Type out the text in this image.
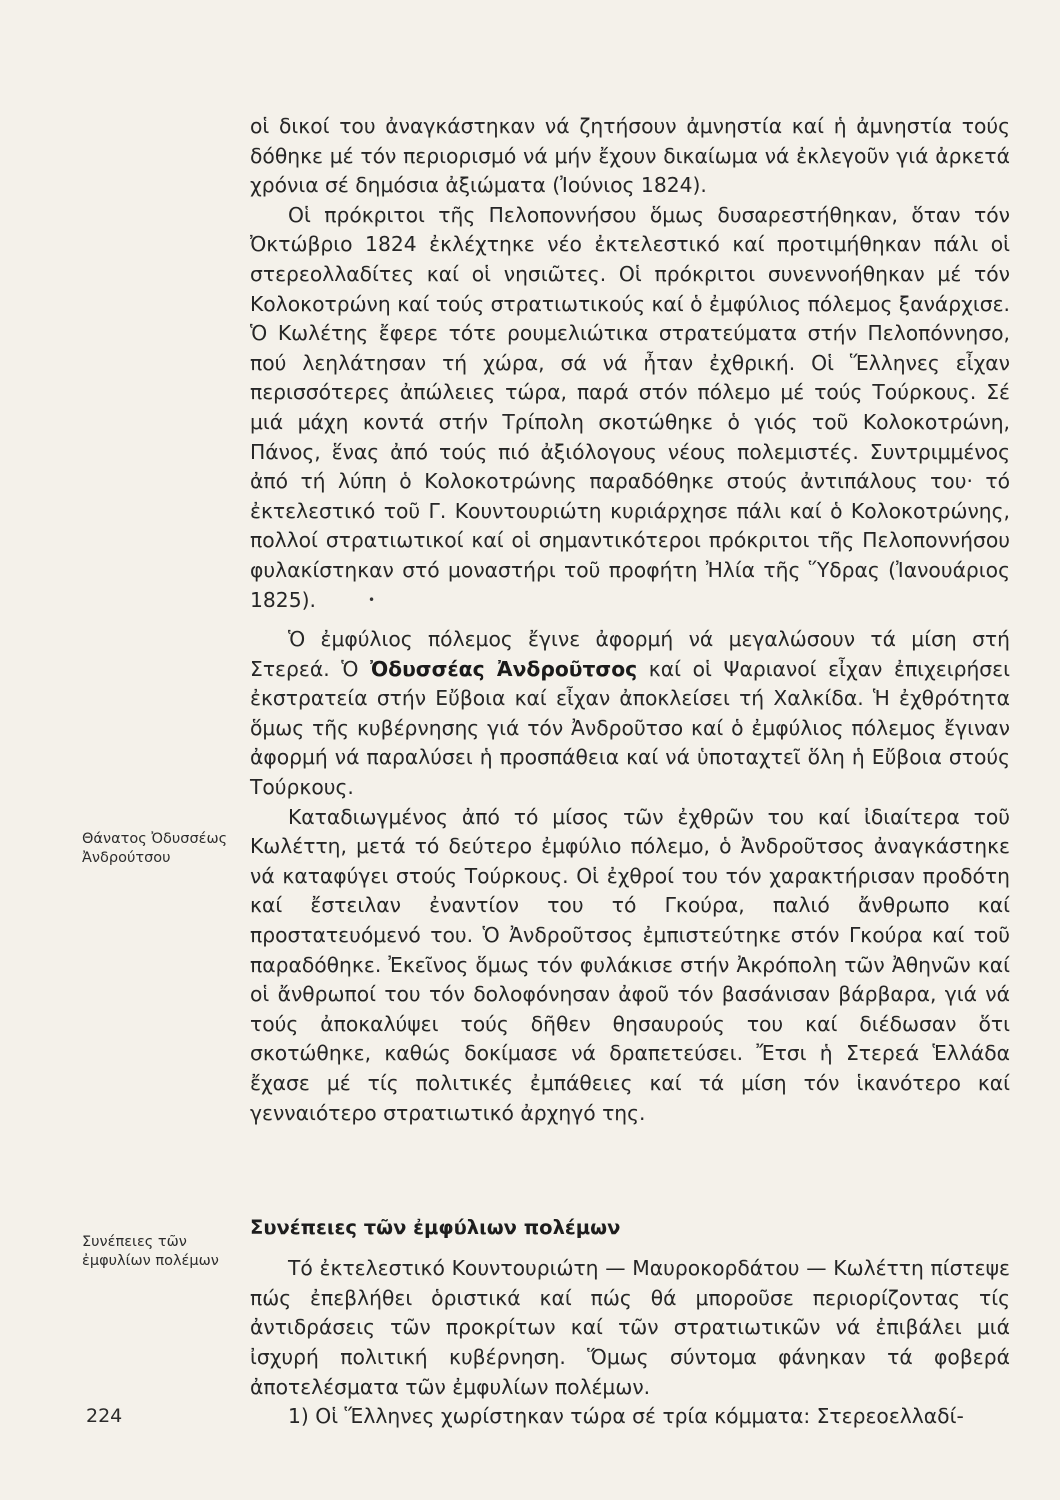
Θάνατος Ὀδυσσέως
Ἀνδρούτσου

Συνέπειες τῶν
ἐμφυλίων πολέμων

224

οἱ δικοί του ἀναγκάστηκαν νά ζητήσουν ἀμνηστία καί ἡ ἀμνηστία τούς δόθηκε μέ τόν περιορισμό νά μήν ἔχουν δικαίωμα νά ἐκλεγοῦν γιά ἀρκετά χρόνια σέ δημόσια ἀξιώματα (Ἰούνιος 1824).

Οἱ πρόκριτοι τῆς Πελοποννήσου ὅμως δυσαρεστήθηκαν, ὅταν τόν Ὀκτώβριο 1824 ἐκλέχτηκε νέο ἐκτελεστικό καί προτιμήθηκαν πάλι οἱ στερεολλαδίτες καί οἱ νησιῶτες. Οἱ πρόκριτοι συνεννοήθηκαν μέ τόν Κολοκοτρώνη καί τούς στρατιωτικούς καί ὁ ἐμφύλιος πόλεμος ξανάρχισε. Ὁ Κωλέτης ἔφερε τότε ρουμελιώτικα στρατεύματα στήν Πελοπόννησο, πού λεηλάτησαν τή χώρα, σά νά ἦταν ἐχθρική. Οἱ Ἕλληνες εἶχαν περισσότερες ἀπώλειες τώρα, παρά στόν πόλεμο μέ τούς Τούρκους. Σέ μιά μάχη κοντά στήν Τρίπολη σκοτώθηκε ὁ γιός τοῦ Κολοκοτρώνη, Πάνος, ἕνας ἀπό τούς πιό ἀξιόλογους νέους πολεμιστές. Συντριμμένος ἀπό τή λύπη ὁ Κολοκοτρώνης παραδόθηκε στούς ἀντιπάλους του· τό ἐκτελεστικό τοῦ Γ. Κουντουριώτη κυριάρχησε πάλι καί ὁ Κολοκοτρώνης, πολλοί στρατιωτικοί καί οἱ σημαντικότεροι πρόκριτοι τῆς Πελοποννήσου φυλακίστηκαν στό μοναστήρι τοῦ προφήτη Ἠλία τῆς Ὕδρας (Ἰανουάριος 1825).	•

Ὁ ἐμφύλιος πόλεμος ἔγινε ἀφορμή νά μεγαλώσουν τά μίση στή Στερεά. Ὁ Ὀδυσσέας Ἀνδροῦτσος καί οἱ Ψαριανοί εἶχαν ἐπιχειρήσει ἐκστρατεία στήν Εὔβοια καί εἶχαν ἀποκλείσει τή Χαλκίδα. Ἡ ἐχθρότητα ὅμως τῆς κυβέρνησης γιά τόν Ἀνδροῦτσο καί ὁ ἐμφύλιος πόλεμος ἔγιναν ἀφορμή νά παραλύσει ἡ προσπάθεια καί νά ὑποταχτεῖ ὅλη ἡ Εὔβοια στούς Τούρκους.

Καταδιωγμένος ἀπό τό μίσος τῶν ἐχθρῶν του καί ἰδιαίτερα τοῦ Κωλέττη, μετά τό δεύτερο ἐμφύλιο πόλεμο, ὁ Ἀνδροῦτσος ἀναγκάστηκε νά καταφύγει στούς Τούρκους. Οἱ ἐχθροί του τόν χαρακτήρισαν προδότη καί ἔστειλαν ἐναντίον του τό Γκούρα, παλιό ἄνθρωπο καί προστατευόμενό του. Ὁ Ἀνδροῦτσος ἐμπιστεύτηκε στόν Γκούρα καί τοῦ παραδόθηκε. Ἐκεῖνος ὅμως τόν φυλάκισε στήν Ἀκρόπολη τῶν Ἀθηνῶν καί οἱ ἄνθρωποί του τόν δολοφόνησαν ἀφοῦ τόν βασάνισαν βάρβαρα, γιά νά τούς ἀποκαλύψει τούς δῆθεν θησαυρούς του καί διέδωσαν ὅτι σκοτώθηκε, καθώς δοκίμασε νά δραπετεύσει. Ἔτσι ἡ Στερεά Ἑλλάδα ἔχασε μέ τίς πολιτικές ἐμπάθειες καί τά μίση τόν ἱκανότερο καί γενναιότερο στρατιωτικό ἀρχηγό της.

Συνέπειες τῶν ἐμφύλιων πολέμων

Τό ἐκτελεστικό Κουντουριώτη — Μαυροκορδάτου — Κωλέττη πίστεψε πώς ἐπεβλήθει ὁριστικά καί πώς θά μποροῦσε περιορίζοντας τίς ἀντιδράσεις τῶν προκρίτων καί τῶν στρατιωτικῶν νά ἐπιβάλει μιά ἰσχυρή πολιτική κυβέρνηση. Ὅμως σύντομα φάνηκαν τά φοβερά ἀποτελέσματα τῶν ἐμφυλίων πολέμων.

1) Οἱ Ἕλληνες χωρίστηκαν τώρα σέ τρία κόμματα: Στερεοελλαδί-
